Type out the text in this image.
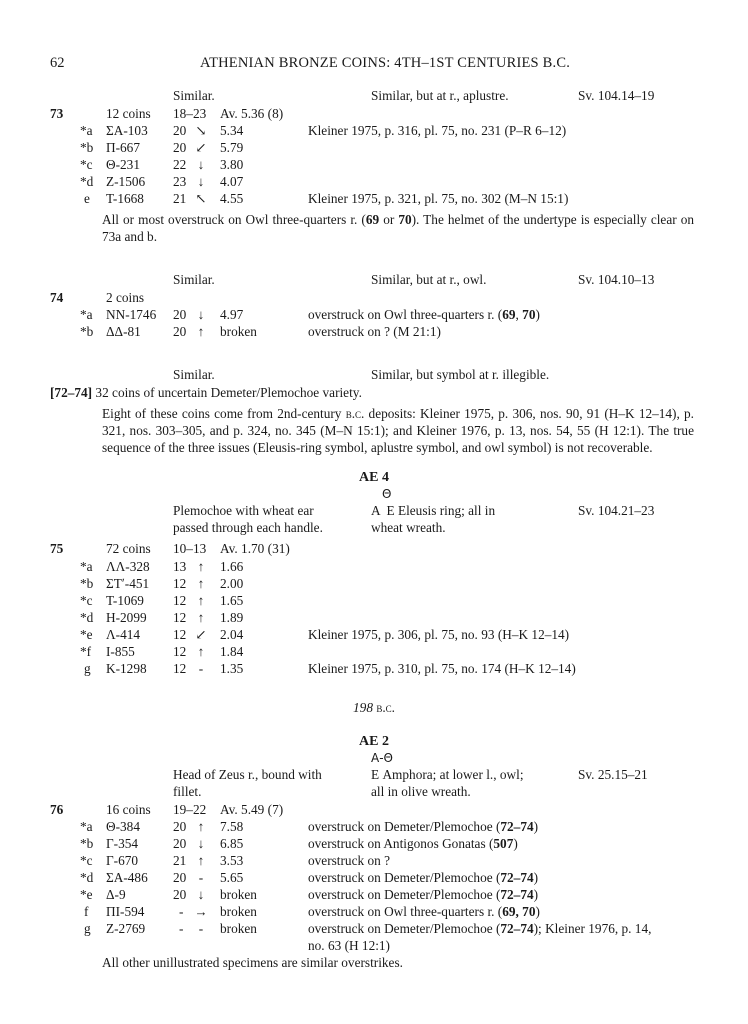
62	ATHENIAN BRONZE COINS: 4TH–1ST CENTURIES B.C.
Similar.	Similar, but at r., aplustre.	Sv. 104.14–19
73	12 coins 18–23 Av. 5.36 (8)
*a ΣΑ-103 20 ↘ 5.34	Kleiner 1975, p. 316, pl. 75, no. 231 (P–R 6–12)
*b Π-667 20 ↙ 5.79
*c Θ-231 22 ↓ 3.80
*d Ζ-1506 23 ↓ 4.07
e Τ-1668 21 ↖ 4.55	Kleiner 1975, p. 321, pl. 75, no. 302 (M–N 15:1)
All or most overstruck on Owl three-quarters r. (69 or 70). The helmet of the undertype is especially clear on 73a and b.
Similar.	Similar, but at r., owl.	Sv. 104.10–13
74	2 coins
*a ΝΝ-1746 20 ↓ 4.97	overstruck on Owl three-quarters r. (69, 70)
*b ΔΔ-81 20 ↑ broken	overstruck on ? (M 21:1)
Similar.	Similar, but symbol at r. illegible.
[72–74] 32 coins of uncertain Demeter/Plemochoe variety.
Eight of these coins come from 2nd-century b.c. deposits: Kleiner 1975, p. 306, nos. 90, 91 (H–K 12–14), p. 321, nos. 303–305, and p. 324, no. 345 (M–N 15:1); and Kleiner 1976, p. 13, nos. 54, 55 (H 12:1). The true sequence of the three issues (Eleusis-ring symbol, aplustre symbol, and owl symbol) is not recoverable.
AE 4
Θ
Plemochoe with wheat ear
passed through each handle.
Α  Ε Eleusis ring; all in
wheat wreath.
Sv. 104.21–23
75	72 coins 10–13 Av. 1.70 (31)
*a ΛΛ-328 13 ↑ 1.66
*b ΣΤʹ-451 12 ↑ 2.00
*c Τ-1069 12 ↑ 1.65
*d Η-2099 12 ↑ 1.89
*e Λ-414 12 ↙ 2.04	Kleiner 1975, p. 306, pl. 75, no. 93 (H–K 12–14)
*f Ι-855	12 ↑ 1.84
g Κ-1298 12 -	1.35	Kleiner 1975, p. 310, pl. 75, no. 174 (H–K 12–14)
198 b.c.
AE 2
Α-Θ
Head of Zeus r., bound with
fillet.
Ε Amphora; at lower l., owl;
all in olive wreath.
Sv. 25.15–21
76	16 coins 19–22 Av. 5.49 (7)
*a Θ-384 20 ↑ 7.58	overstruck on Demeter/Plemochoe (72–74)
*b Γ-354	20 ↓ 6.85	overstruck on Antigonos Gonatas (507)
*c Γ-670	21 ↑ 3.53	overstruck on ?
*d ΣΑ-486 20 -	5.65	overstruck on Demeter/Plemochoe (72–74)
*e Δ-9	20 ↓ broken	overstruck on Demeter/Plemochoe (72–74)
f ΠΙ-594	- → broken	overstruck on Owl three-quarters r. (69, 70)
g Ζ-2769	-	-	broken	overstruck on Demeter/Plemochoe (72–74); Kleiner 1976, p. 14,
no. 63 (H 12:1)
All other unillustrated specimens are similar overstrikes.
